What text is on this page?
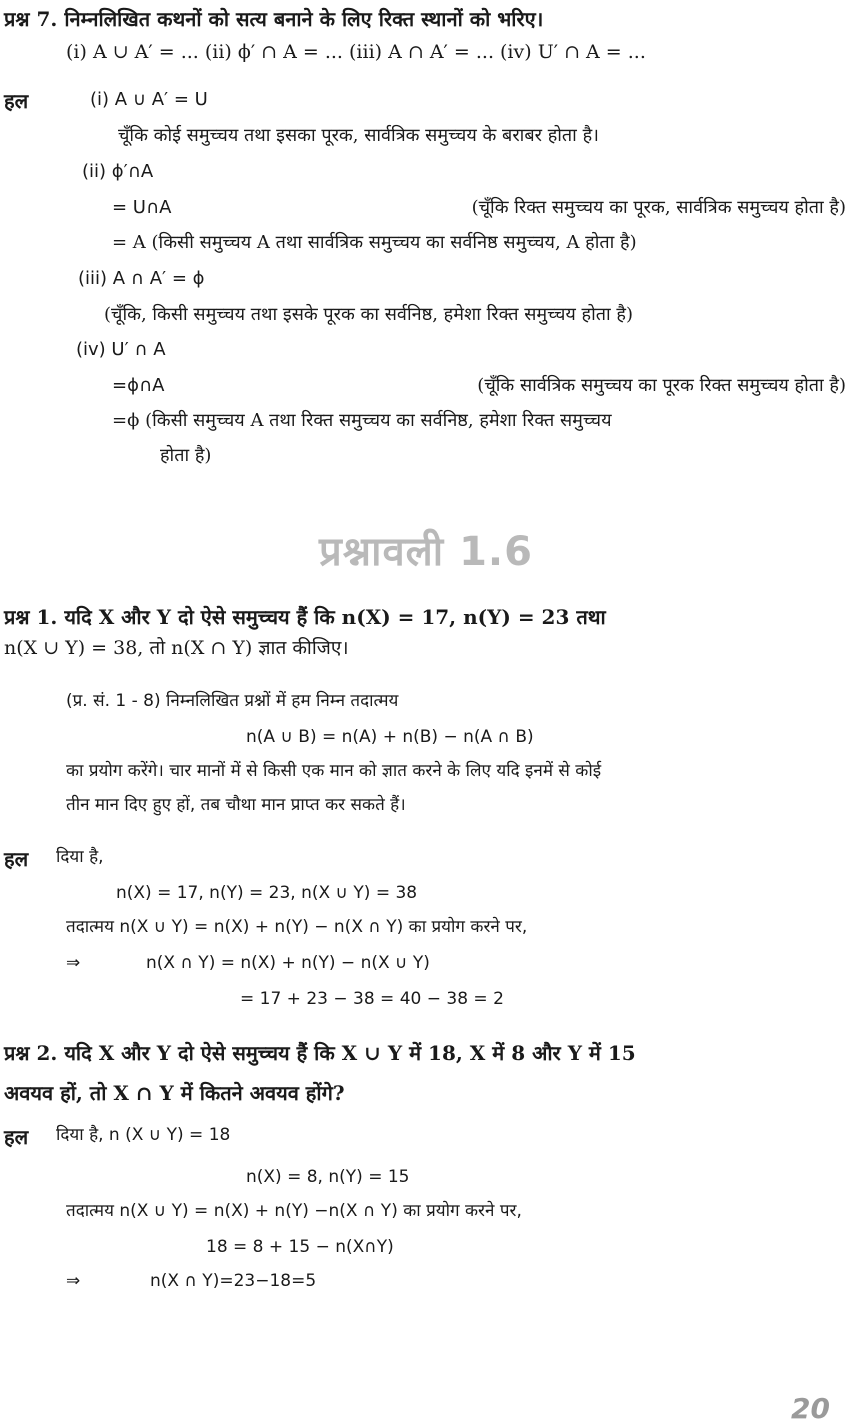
प्रश्न 7. निम्नलिखित कथनों को सत्य बनाने के लिए रिक्त स्थानों को भरिए।
(i) A ∪ A′ = ... (ii) ϕ′ ∩ A = ... (iii) A ∩ A′ = ... (iv) U′ ∩ A = ...
हल	(i) A ∪ A′ = U
चूँकि कोई समुच्चय तथा इसका पूरक, सार्वत्रिक समुच्चय के बराबर होता है।
(ii) ϕ′∩A
= U∩A	(चूँकि रिक्त समुच्चय का पूरक, सार्वत्रिक समुच्चय होता है)
= A (किसी समुच्चय A तथा सार्वत्रिक समुच्चय का सर्वनिष्ठ समुच्चय, A होता है)
(iii) A ∩ A′ = ϕ
(चूँकि, किसी समुच्चय तथा इसके पूरक का सर्वनिष्ठ, हमेशा रिक्त समुच्चय होता है)
(iv) U′ ∩ A
=ϕ∩A	(चूँकि सार्वत्रिक समुच्चय का पूरक रिक्त समुच्चय होता है)
=ϕ (किसी समुच्चय A तथा रिक्त समुच्चय का सर्वनिष्ठ, हमेशा रिक्त समुच्चय
होता है)
प्रश्नावली 1.6
प्रश्न 1. यदि X और Y दो ऐसे समुच्चय हैं कि n(X) = 17, n(Y) = 23 तथा
n(X ∪ Y) = 38, तो n(X ∩ Y) ज्ञात कीजिए।
(प्र. सं. 1 - 8) निम्नलिखित प्रश्नों में हम निम्न तदात्मय
n(A ∪ B) = n(A) + n(B) − n(A ∩ B)
का प्रयोग करेंगे। चार मानों में से किसी एक मान को ज्ञात करने के लिए यदि इनमें से कोई
तीन मान दिए हुए हों, तब चौथा मान प्राप्त कर सकते हैं।
हल दिया है,
n(X) = 17, n(Y) = 23, n(X ∪ Y) = 38
तदात्मय n(X ∪ Y) = n(X) + n(Y) − n(X ∩ Y) का प्रयोग करने पर,
⇒	n(X ∩ Y) = n(X) + n(Y) − n(X ∪ Y)
= 17 + 23 − 38 = 40 − 38 = 2
प्रश्न 2. यदि X और Y दो ऐसे समुच्चय हैं कि X ∪ Y में 18, X में 8 और Y में 15
अवयव हों, तो X ∩ Y में कितने अवयव होंगे?
हल दिया है, n (X ∪ Y) = 18
n(X) = 8, n(Y) = 15
तदात्मय n(X ∪ Y) = n(X) + n(Y) −n(X ∩ Y) का प्रयोग करने पर,
18 = 8 + 15 − n(X∩Y)
⇒	n(X ∩ Y)=23−18=5
20
